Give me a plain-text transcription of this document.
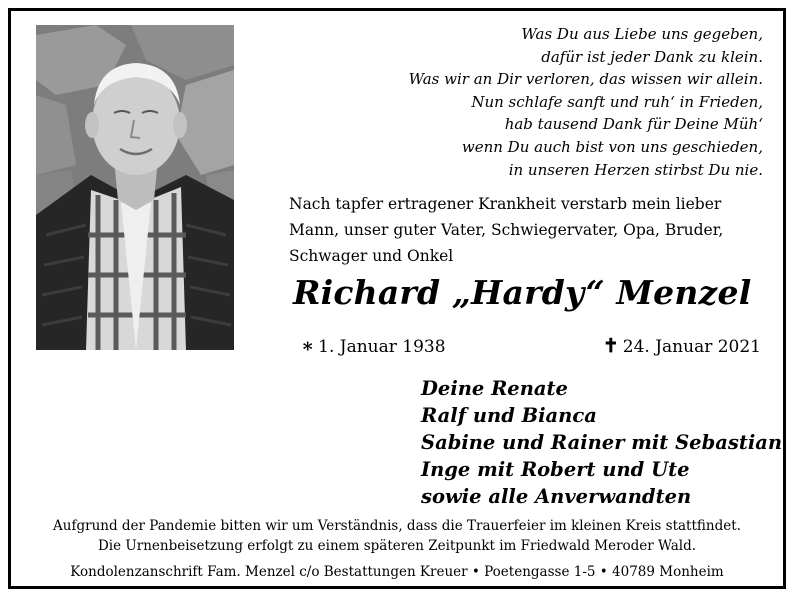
Was Du aus Liebe uns gegeben,
dafür ist jeder Dank zu klein.
Was wir an Dir verloren, das wissen wir allein.
Nun schlafe sanft und ruh‘ in Frieden,
hab tausend Dank für Deine Müh‘
wenn Du auch bist von uns geschieden,
in unseren Herzen stirbst Du nie.
Nach tapfer ertragener Krankheit verstarb mein lieber
Mann, unser guter Vater, Schwiegervater, Opa, Bruder,
Schwager und Onkel
Richard „Hardy“ Menzel
∗ 1. Januar 1938	✝ 24. Januar 2021
Deine Renate
Ralf und Bianca
Sabine und Rainer mit Sebastian
Inge mit Robert und Ute
sowie alle Anverwandten
Aufgrund der Pandemie bitten wir um Verständnis, dass die Trauerfeier im kleinen Kreis stattfindet.
Die Urnenbeisetzung erfolgt zu einem späteren Zeitpunkt im Friedwald Meroder Wald.
Kondolenzanschrift Fam. Menzel c/o Bestattungen Kreuer • Poetengasse 1-5 • 40789 Monheim
